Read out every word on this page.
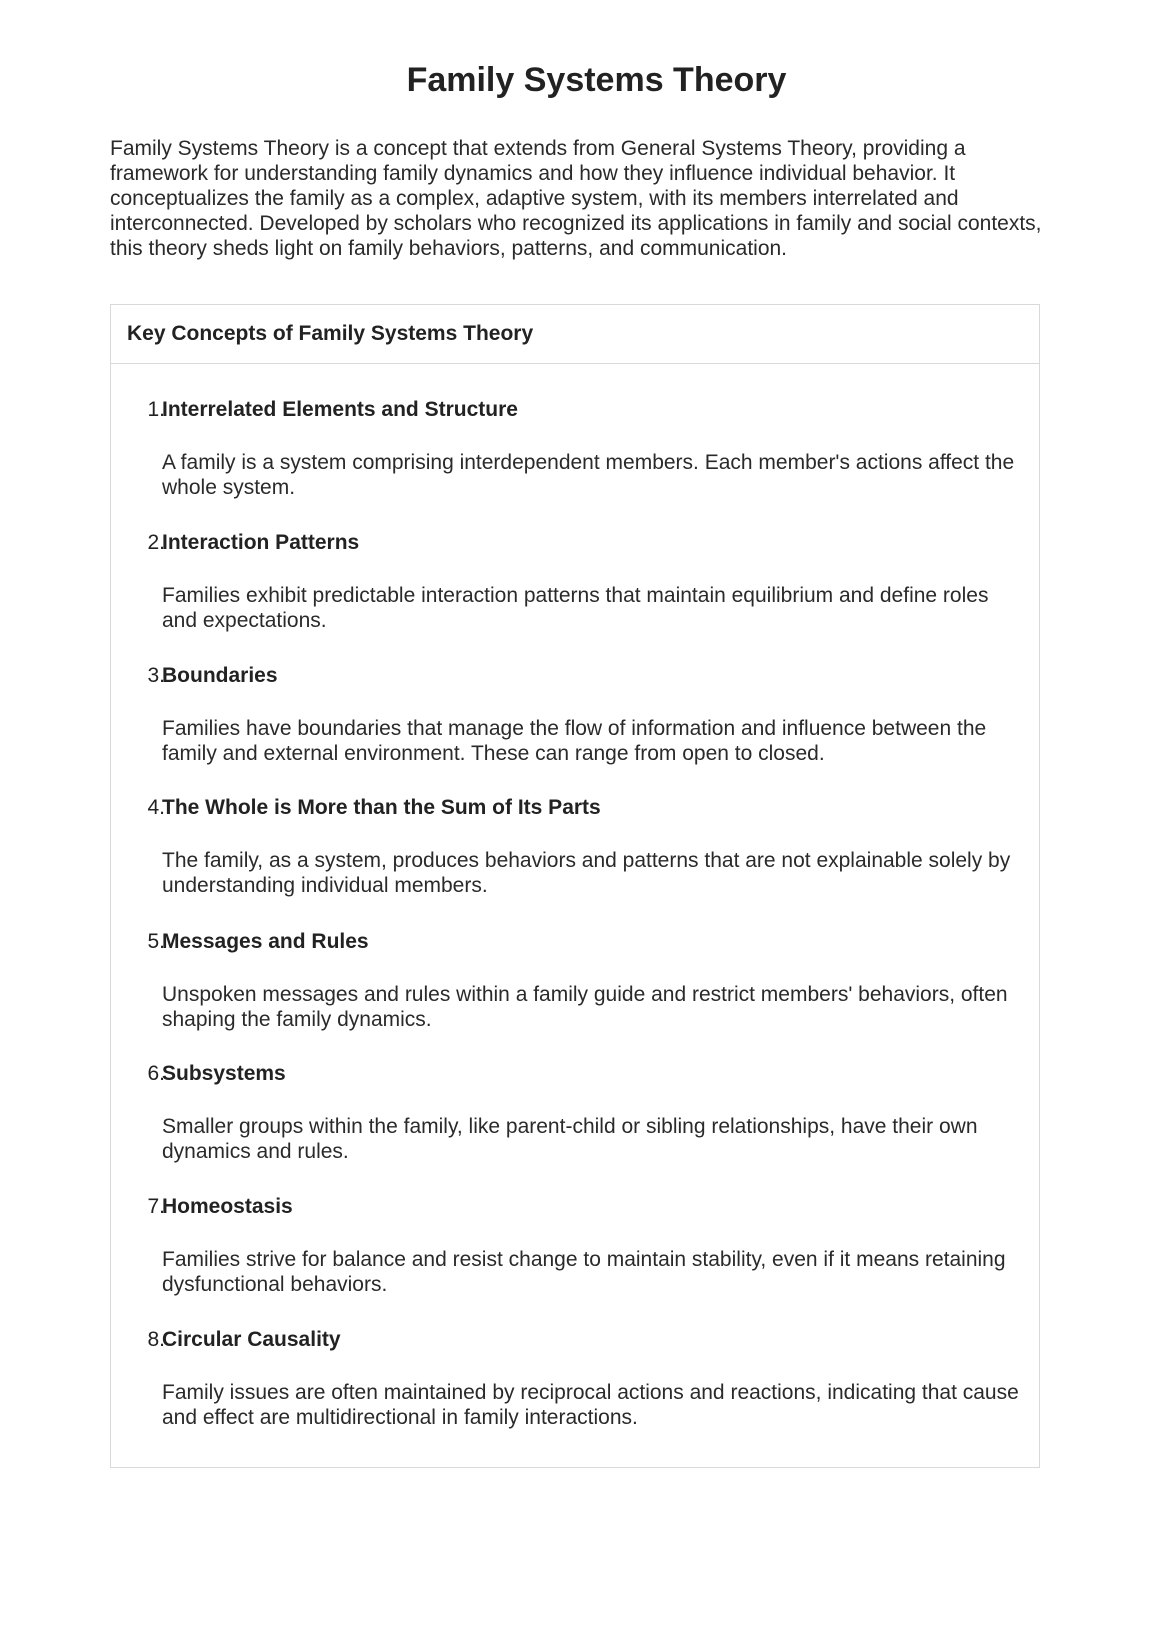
Family Systems Theory

Family Systems Theory is a concept that extends from General Systems Theory, providing a framework for understanding family dynamics and how they influence individual behavior. It conceptualizes the family as a complex, adaptive system, with its members interrelated and interconnected. Developed by scholars who recognized its applications in family and social contexts, this theory sheds light on family behaviors, patterns, and communication.

Key Concepts of Family Systems Theory
1.
Interrelated Elements and Structure

A family is a system comprising interdependent members. Each member's actions affect the whole system.

2.
Interaction Patterns

Families exhibit predictable interaction patterns that maintain equilibrium and define roles and expectations.

3.
Boundaries

Families have boundaries that manage the flow of information and influence between the family and external environment. These can range from open to closed.

4.
The Whole is More than the Sum of Its Parts

The family, as a system, produces behaviors and patterns that are not explainable solely by understanding individual members.

5.
Messages and Rules

Unspoken messages and rules within a family guide and restrict members' behaviors, often shaping the family dynamics.

6.
Subsystems

Smaller groups within the family, like parent-child or sibling relationships, have their own dynamics and rules.

7.
Homeostasis

Families strive for balance and resist change to maintain stability, even if it means retaining dysfunctional behaviors.

8.
Circular Causality

Family issues are often maintained by reciprocal actions and reactions, indicating that cause and effect are multidirectional in family interactions.
